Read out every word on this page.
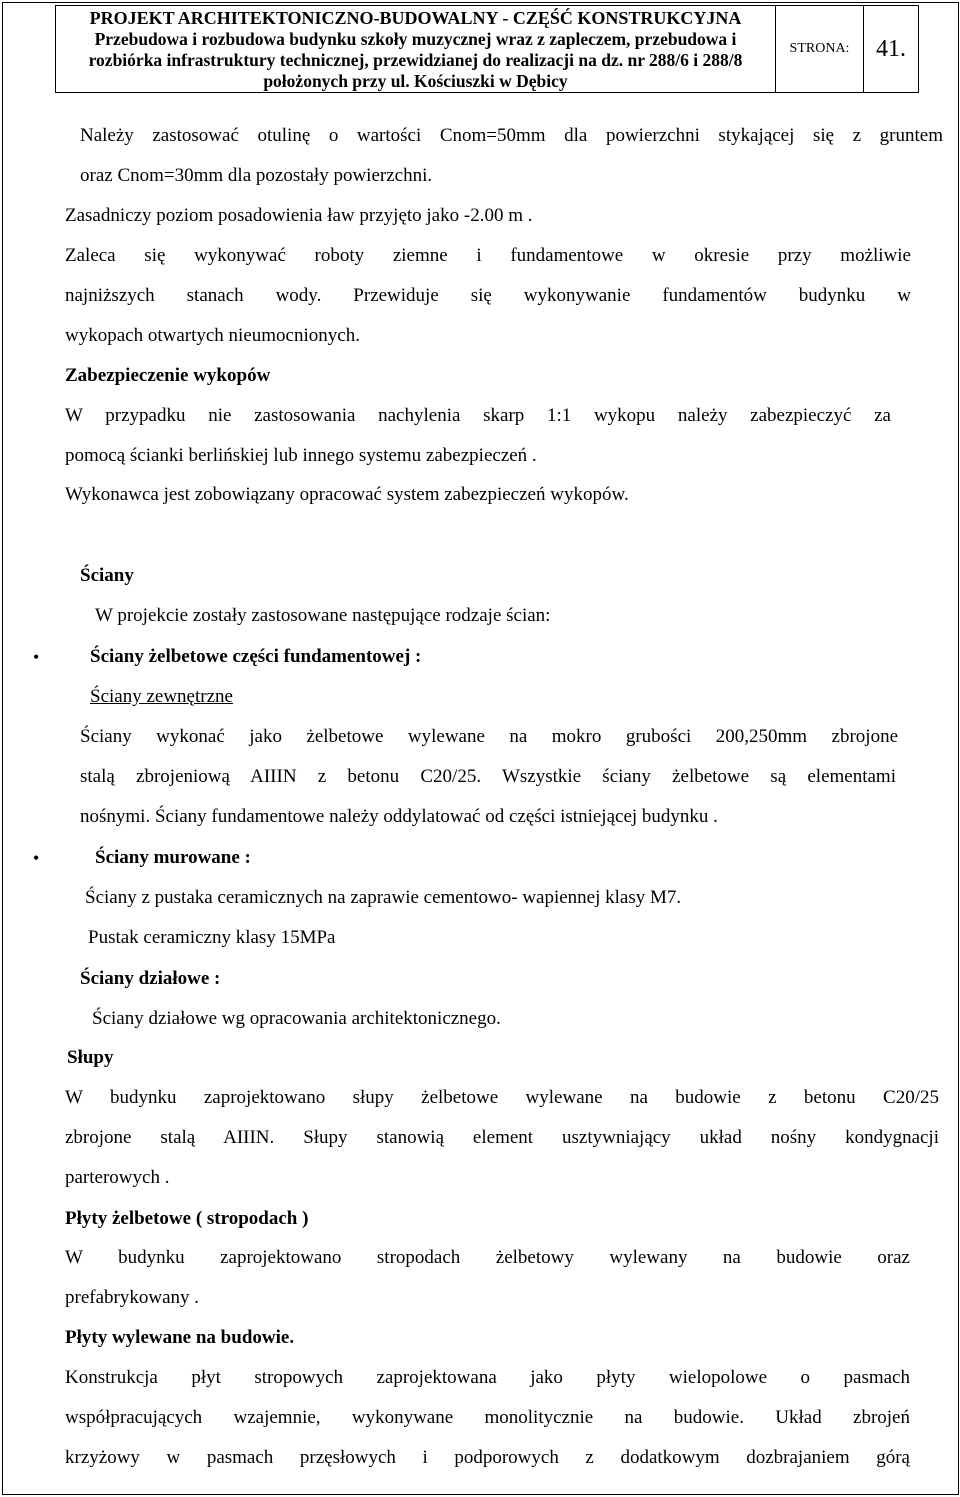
PROJEKT ARCHITEKTONICZNO-BUDOWALNY - CZĘŚĆ KONSTRUKCYJNA
Przebudowa i rozbudowa budynku szkoły muzycznej wraz z zapleczem, przebudowa i
rozbiórka infrastruktury technicznej, przewidzianej do realizacji na dz. nr 288/6 i 288/8
położonych przy ul. Kościuszki w Dębicy
STRONA:	41.
Należy zastosować otulinę o wartości Cnom=50mm dla powierzchni stykającej się z gruntem
oraz Cnom=30mm dla pozostały powierzchni.
Zasadniczy poziom posadowienia ław przyjęto jako -2.00 m .
Zaleca się wykonywać roboty ziemne i fundamentowe w okresie przy możliwie
najniższych stanach wody. Przewiduje się wykonywanie fundamentów budynku w
wykopach otwartych nieumocnionych.
Zabezpieczenie wykopów
W przypadku nie zastosowania nachylenia skarp 1:1 wykopu należy zabezpieczyć za
pomocą ścianki berlińskiej lub innego systemu zabezpieczeń .
Wykonawca jest zobowiązany opracować system zabezpieczeń wykopów.
Ściany
W projekcie zostały zastosowane następujące rodzaje ścian:
•	Ściany żelbetowe części fundamentowej :
Ściany zewnętrzne
Ściany wykonać jako żelbetowe wylewane na mokro grubości 200,250mm zbrojone
stalą zbrojeniową AIIIN z betonu C20/25. Wszystkie ściany żelbetowe są elementami
nośnymi. Ściany fundamentowe należy oddylatować od części istniejącej budynku .
•	Ściany murowane :
Ściany z pustaka ceramicznych na zaprawie cementowo- wapiennej klasy M7.
Pustak ceramiczny klasy 15MPa
Ściany działowe :
Ściany działowe wg opracowania architektonicznego.
Słupy
W budynku zaprojektowano słupy żelbetowe wylewane na budowie z betonu C20/25
zbrojone stalą AIIIN. Słupy stanowią element usztywniający układ nośny kondygnacji
parterowych .
Płyty żelbetowe ( stropodach )
W budynku zaprojektowano stropodach żelbetowy wylewany na budowie oraz
prefabrykowany .
Płyty wylewane na budowie.
Konstrukcja płyt stropowych zaprojektowana jako płyty wielopolowe o pasmach
współpracujących wzajemnie, wykonywane monolitycznie na budowie. Układ zbrojeń
krzyżowy w pasmach przęsłowych i podporowych z dodatkowym dozbrajaniem górą
